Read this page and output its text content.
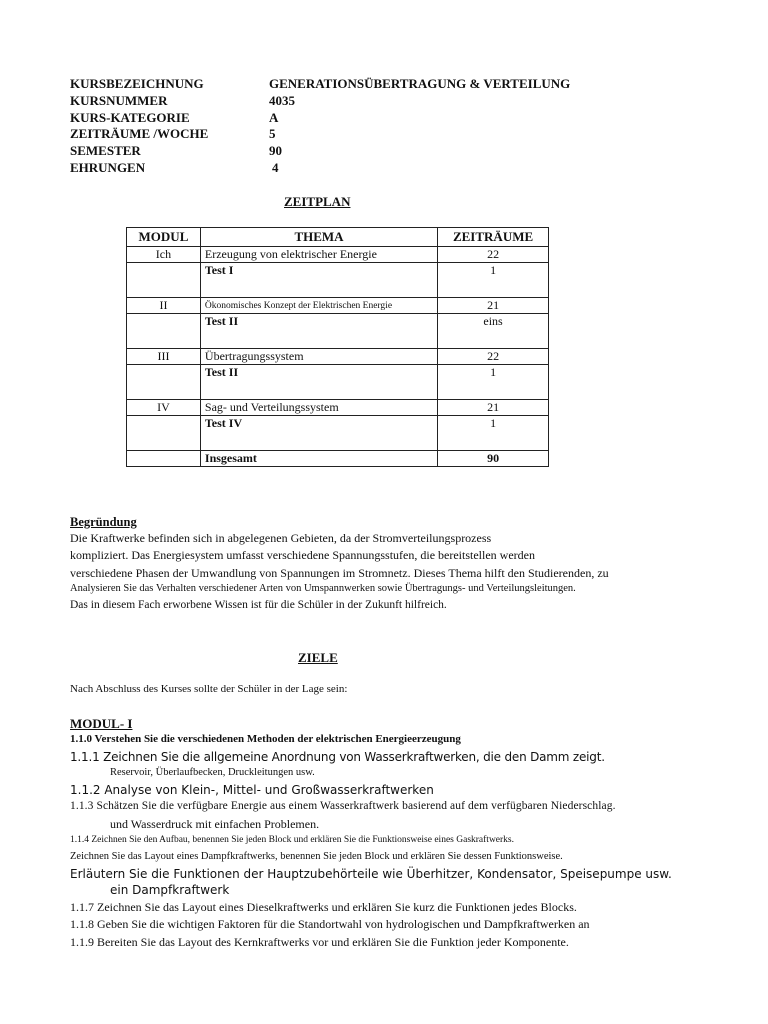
KURSBEZEICHNUNG	GENERATIONSÜBERTRAGUNG & VERTEILUNG
KURSNUMMER	4035
KURS-KATEGORIE	A
ZEITRÄUME /WOCHE	5
SEMESTER	90
EHRUNGEN	4
ZEITPLAN
MODUL	THEMA	ZEITRÄUME
Ich	Erzeugung von elektrischer Energie	22
	Test I	1
II	Ökonomisches Konzept der Elektrischen Energie	21
	Test II	eins
III	Übertragungssystem	22
	Test II	1
IV	Sag- und Verteilungssystem	21
	Test IV	1
	Insgesamt	90
Begründung
Die Kraftwerke befinden sich in abgelegenen Gebieten, da der Stromverteilungsprozess
kompliziert. Das Energiesystem umfasst verschiedene Spannungsstufen, die bereitstellen werden
verschiedene Phasen der Umwandlung von Spannungen im Stromnetz. Dieses Thema hilft den Studierenden, zu
Analysieren Sie das Verhalten verschiedener Arten von Umspannwerken sowie Übertragungs- und Verteilungsleitungen.
Das in diesem Fach erworbene Wissen ist für die Schüler in der Zukunft hilfreich.
ZIELE
Nach Abschluss des Kurses sollte der Schüler in der Lage sein:
MODUL- I
1.1.0 Verstehen Sie die verschiedenen Methoden der elektrischen Energieerzeugung
1.1.1 Zeichnen Sie die allgemeine Anordnung von Wasserkraftwerken, die den Damm zeigt.
Reservoir, Überlaufbecken, Druckleitungen usw.
1.1.2 Analyse von Klein-, Mittel- und Großwasserkraftwerken
1.1.3 Schätzen Sie die verfügbare Energie aus einem Wasserkraftwerk basierend auf dem verfügbaren Niederschlag.
und Wasserdruck mit einfachen Problemen.
1.1.4 Zeichnen Sie den Aufbau, benennen Sie jeden Block und erklären Sie die Funktionsweise eines Gaskraftwerks.
Zeichnen Sie das Layout eines Dampfkraftwerks, benennen Sie jeden Block und erklären Sie dessen Funktionsweise.
Erläutern Sie die Funktionen der Hauptzubehörteile wie Überhitzer, Kondensator, Speisepumpe usw.
ein Dampfkraftwerk
1.1.7 Zeichnen Sie das Layout eines Dieselkraftwerks und erklären Sie kurz die Funktionen jedes Blocks.
1.1.8 Geben Sie die wichtigen Faktoren für die Standortwahl von hydrologischen und Dampfkraftwerken an
1.1.9 Bereiten Sie das Layout des Kernkraftwerks vor und erklären Sie die Funktion jeder Komponente.
